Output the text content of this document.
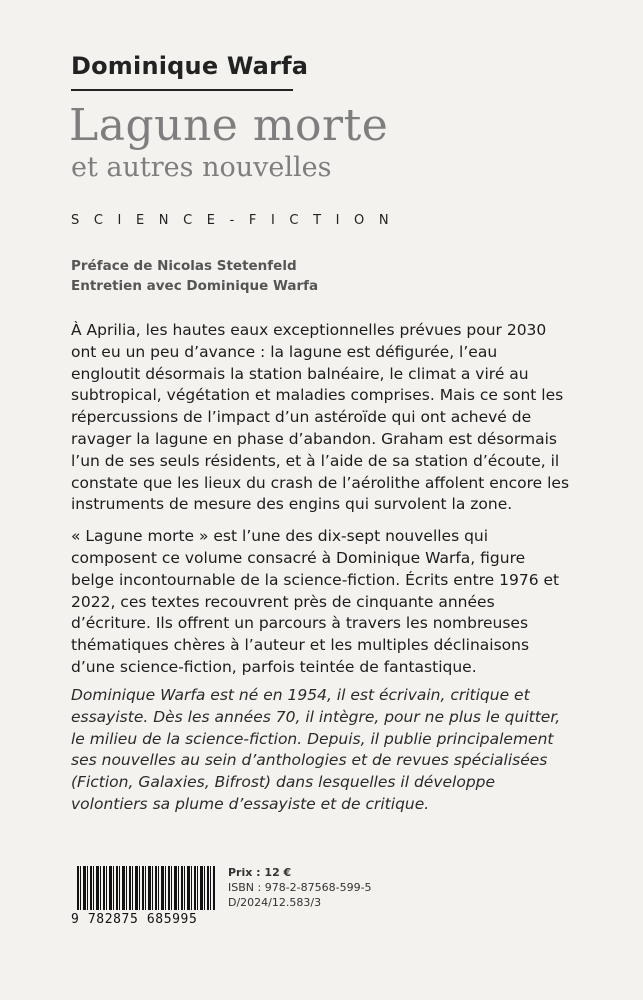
Dominique Warfa
Lagune morte
et autres nouvelles
SCIENCE-FICTION
Préface de Nicolas Stetenfeld
Entretien avec Dominique Warfa

À Aprilia, les hautes eaux exceptionnelles prévues pour 2030 ont eu un peu d’avance : la lagune est défigurée, l’eau engloutit désormais la station balnéaire, le climat a viré au subtropical, végétation et maladies comprises. Mais ce sont les répercussions de l’impact d’un astéroïde qui ont achevé de ravager la lagune en phase d’abandon. Graham est désormais l’un de ses seuls résidents, et à l’aide de sa station d’écoute, il constate que les lieux du crash de l’aérolithe affolent encore les instruments de mesure des engins qui survolent la zone.

« Lagune morte » est l’une des dix-sept nouvelles qui composent ce volume consacré à Dominique Warfa, figure belge incontournable de la science-fiction. Écrits entre 1976 et 2022, ces textes recouvrent près de cinquante années d’écriture. Ils offrent un parcours à travers les nombreuses thématiques chères à l’auteur et les multiples déclinaisons d’une science-fiction, parfois teintée de fantastique.

Dominique Warfa est né en 1954, il est écrivain, critique et essayiste. Dès les années 70, il intègre, pour ne plus le quitter, le milieu de la science-fiction. Depuis, il publie principalement ses nouvelles au sein d’anthologies et de revues spécialisées (Fiction, Galaxies, Bifrost) dans lesquelles il développe volontiers sa plume d’essayiste et de critique.

9 782875 685995
Prix : 12 €
ISBN : 978-2-87568-599-5
D/2024/12.583/3
